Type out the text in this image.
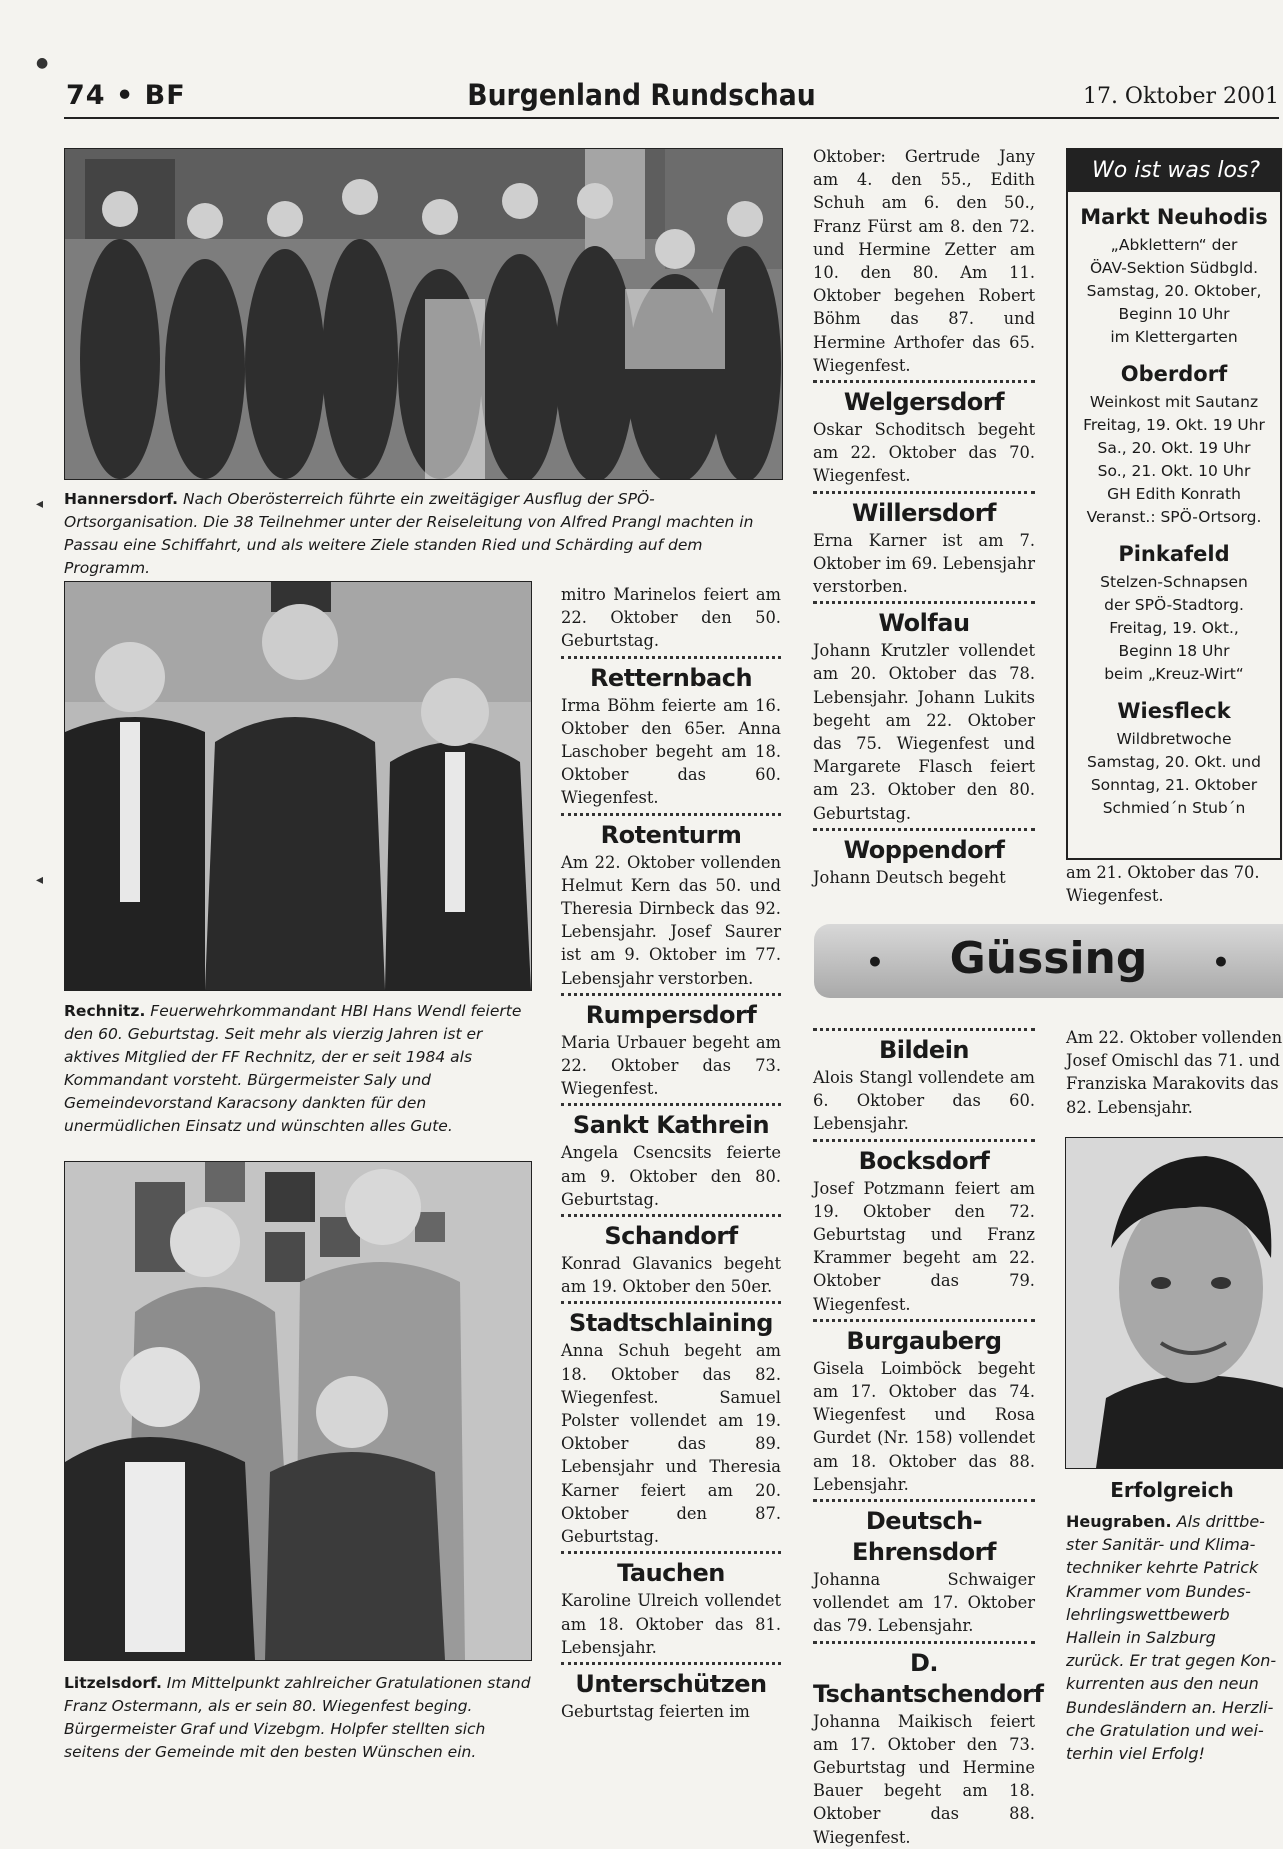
74 • BF	Burgenland Rundschau	17. Oktober 2001
●
◂
◂
Hannersdorf. Nach Oberösterreich führte ein zweitägiger Ausflug der SPÖ-Ortsorganisation. Die 38 Teilnehmer unter der Reiseleitung von Alfred Prangl machten in Passau eine Schiffahrt, und als weitere Ziele standen Ried und Schärding auf dem Programm.
Rechnitz. Feuerwehrkommandant HBI Hans Wendl feierte den 60. Geburtstag. Seit mehr als vierzig Jahren ist er aktives Mitglied der FF Rechnitz, der er seit 1984 als Kommandant vorsteht. Bürgermeister Saly und Gemeindevorstand Karacsony dankten für den unermüdlichen Einsatz und wünschten alles Gute.
Litzelsdorf. Im Mittelpunkt zahlreicher Gratulationen stand Franz Ostermann, als er sein 80. Wiegenfest beging. Bürgermeister Graf und Vizebgm. Holpfer stellten sich seitens der Gemeinde mit den besten Wünschen ein.

mitro Marinelos feiert am 22. Oktober den 50. Geburtstag.

Retternbach

Irma Böhm feierte am 16. Oktober den 65er. Anna Laschober begeht am 18. Oktober das 60. Wiegenfest.

Rotenturm

Am 22. Oktober vollenden Helmut Kern das 50. und Theresia Dirnbeck das 92. Lebensjahr. Josef Saurer ist am 9. Oktober im 77. Lebensjahr verstorben.

Rumpersdorf

Maria Urbauer begeht am 22. Oktober das 73. Wiegenfest.

Sankt Kathrein

Angela Csencsits feierte am 9. Oktober den 80. Geburtstag.

Schandorf

Konrad Glavanics begeht am 19. Oktober den 50er.

Stadtschlaining

Anna Schuh begeht am 18. Oktober das 82. Wiegenfest. Samuel Polster vollendet am 19. Oktober das 89. Lebensjahr und Theresia Karner feiert am 20. Oktober den 87. Geburtstag.

Tauchen

Karoline Ulreich vollendet am 18. Oktober das 81. Lebensjahr.

Unterschützen

Geburtstag feierten im

Oktober: Gertrude Jany am 4. den 55., Edith Schuh am 6. den 50., Franz Fürst am 8. den 72. und Hermine Zetter am 10. den 80. Am 11. Oktober begehen Robert Böhm das 87. und Hermine Arthofer das 65. Wiegenfest.

Welgersdorf

Oskar Schoditsch begeht am 22. Oktober das 70. Wiegenfest.

Willersdorf

Erna Karner ist am 7. Oktober im 69. Lebensjahr verstorben.

Wolfau

Johann Krutzler vollendet am 20. Oktober das 78. Lebensjahr. Johann Lukits begeht am 22. Oktober das 75. Wiegenfest und Margarete Flasch feiert am 23. Oktober den 80. Geburtstag.

Woppendorf

Johann Deutsch begeht

Wo ist was los?
Markt Neuhodis
„Abklettern“ der
ÖAV-Sektion Südbgld.
Samstag, 20. Oktober,
Beginn 10 Uhr
im Klettergarten
Oberdorf
Weinkost mit Sautanz
Freitag, 19. Okt. 19 Uhr
Sa., 20. Okt. 19 Uhr
So., 21. Okt. 10 Uhr
GH Edith Konrath
Veranst.: SPÖ-Ortsorg.
Pinkafeld
Stelzen-Schnapsen
der SPÖ-Stadtorg.
Freitag, 19. Okt.,
Beginn 18 Uhr
beim „Kreuz-Wirt“
Wiesfleck
Wildbretwoche
Samstag, 20. Okt. und
Sonntag, 21. Oktober
Schmied´n Stub´n
am 21. Oktober das 70. Wiegenfest.
Güssing
•	•
Bildein

Alois Stangl vollendete am 6. Oktober das 60. Lebensjahr.

Bocksdorf

Josef Potzmann feiert am 19. Oktober den 72. Geburtstag und Franz Krammer begeht am 22. Oktober das 79. Wiegenfest.

Burgauberg

Gisela Loimböck begeht am 17. Oktober das 74. Wiegenfest und Rosa Gurdet (Nr. 158) vollendet am 18. Oktober das 88. Lebensjahr.

Deutsch-Ehrensdorf

Johanna Schwaiger vollendet am 17. Oktober das 79. Lebensjahr.

D. Tschantschendorf

Johanna Maikisch feiert am 17. Oktober den 73. Geburtstag und Hermine Bauer begeht am 18. Oktober das 88. Wiegenfest.

Am 22. Oktober vollenden Josef Omischl das 71. und Franziska Marakovits das 82. Lebensjahr.
Erfolgreich
Heugraben. Als drittbe-
ster Sanitär- und Klima-
techniker kehrte Patrick
Krammer vom Bundes-
lehrlingswettbewerb
Hallein in Salzburg
zurück. Er trat gegen Kon-
kurrenten aus den neun
Bundesländern an. Herzli-
che Gratulation und wei-
terhin viel Erfolg!
